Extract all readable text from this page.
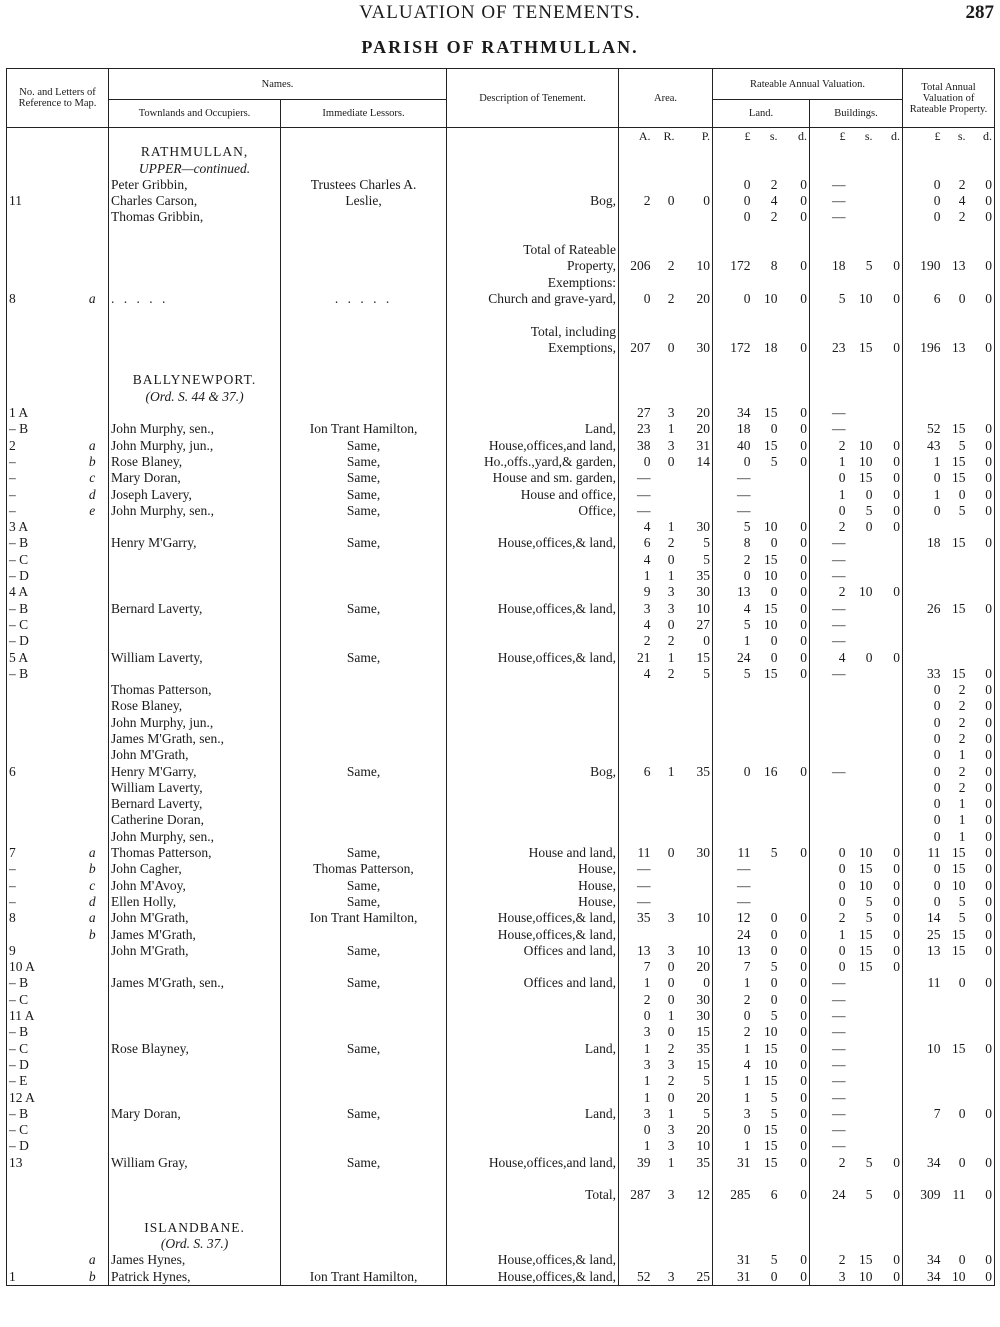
VALUATION OF TENEMENTS.	287
PARISH OF RATHMULLAN.
No. and Letters of Reference to Map.		Names.		Description of Tenement.	Area.			Rateable Annual Valuation.						Total Annual Valuation of Rateable Property.		
		Townlands and Occupiers.	Immediate Lessors.					Land.			Buildings.					
					A.	R.	P.	£	s.	d.	£	s.	d.	£	s.	d.
		RATHMULLAN,														
		UPPER—continued.														
		Peter Gribbin,	Trustees Charles A.					0	2	0	—			0	2	0
11		Charles Carson,	Leslie,	Bog,	2	0	0	0	4	0	—			0	4	0
		Thomas Gribbin,						0	2	0	—			0	2	0

				Total of Rateable												
				Property,	206	2	10	172	8	0	18	5	0	190	13	0
				Exemptions:												
8	a	. . . . .	. . . . .	Church and grave-yard,	0	2	20	0	10	0	5	10	0	6	0	0

				Total, including												
				Exemptions,	207	0	30	172	18	0	23	15	0	196	13	0

		BALLYNEWPORT.														
		(Ord. S. 44 & 37.)														
1 A					27	3	20	34	15	0	—					
– B		John Murphy, sen.,	Ion Trant Hamilton,	Land,	23	1	20	18	0	0	—			52	15	0
2	a	John Murphy, jun.,	Same,	House,offices,and land,	38	3	31	40	15	0	2	10	0	43	5	0
–	b	Rose Blaney,	Same,	Ho.,offs.,yard,& garden,	0	0	14	0	5	0	1	10	0	1	15	0
–	c	Mary Doran,	Same,	House and sm. garden,	—			—			0	15	0	0	15	0
–	d	Joseph Lavery,	Same,	House and office,	—			—			1	0	0	1	0	0
–	e	John Murphy, sen.,	Same,	Office,	—			—			0	5	0	0	5	0
3 A					4	1	30	5	10	0	2	0	0			
– B		Henry M'Garry,	Same,	House,offices,& land,	6	2	5	8	0	0	—			18	15	0
– C					4	0	5	2	15	0	—					
– D					1	1	35	0	10	0	—					
4 A					9	3	30	13	0	0	2	10	0			
– B		Bernard Laverty,	Same,	House,offices,& land,	3	3	10	4	15	0	—			26	15	0
– C					4	0	27	5	10	0	—					
– D					2	2	0	1	0	0	—					
5 A		William Laverty,	Same,	House,offices,& land,	21	1	15	24	0	0	4	0	0			
– B					4	2	5	5	15	0	—			33	15	0
		Thomas Patterson,												0	2	0
		Rose Blaney,												0	2	0
		John Murphy, jun.,												0	2	0
		James M'Grath, sen.,												0	2	0
		John M'Grath,												0	1	0
6		Henry M'Garry,	Same,	Bog,	6	1	35	0	16	0	—			0	2	0
		William Laverty,												0	2	0
		Bernard Laverty,												0	1	0
		Catherine Doran,												0	1	0
		John Murphy, sen.,												0	1	0
7	a	Thomas Patterson,	Same,	House and land,	11	0	30	11	5	0	0	10	0	11	15	0
–	b	John Cagher,	Thomas Patterson,	House,	—			—			0	15	0	0	15	0
–	c	John M'Avoy,	Same,	House,	—			—			0	10	0	0	10	0
–	d	Ellen Holly,	Same,	House,	—			—			0	5	0	0	5	0
8	a	John M'Grath,	Ion Trant Hamilton,	House,offices,& land,	35	3	10	12	0	0	2	5	0	14	5	0
	b	James M'Grath,		House,offices,& land,				24	0	0	1	15	0	25	15	0
9		John M'Grath,	Same,	Offices and land,	13	3	10	13	0	0	0	15	0	13	15	0
10 A					7	0	20	7	5	0	0	15	0			
– B		James M'Grath, sen.,	Same,	Offices and land,	1	0	0	1	0	0	—			11	0	0
– C					2	0	30	2	0	0	—					
11 A					0	1	30	0	5	0	—					
– B					3	0	15	2	10	0	—					
– C		Rose Blayney,	Same,	Land,	1	2	35	1	15	0	—			10	15	0
– D					3	3	15	4	10	0	—					
– E					1	2	5	1	15	0	—					
12 A					1	0	20	1	5	0	—					
– B		Mary Doran,	Same,	Land,	3	1	5	3	5	0	—			7	0	0
– C					0	3	20	0	15	0	—					
– D					1	3	10	1	15	0	—					
13		William Gray,	Same,	House,offices,and land,	39	1	35	31	15	0	2	5	0	34	0	0

				Total,	287	3	12	285	6	0	24	5	0	309	11	0

		ISLANDBANE.														
		(Ord. S. 37.)														
	a	James Hynes,		House,offices,& land,				31	5	0	2	15	0	34	0	0
1	b	Patrick Hynes,	Ion Trant Hamilton,	House,offices,& land,	52	3	25	31	0	0	3	10	0	34	10	0
